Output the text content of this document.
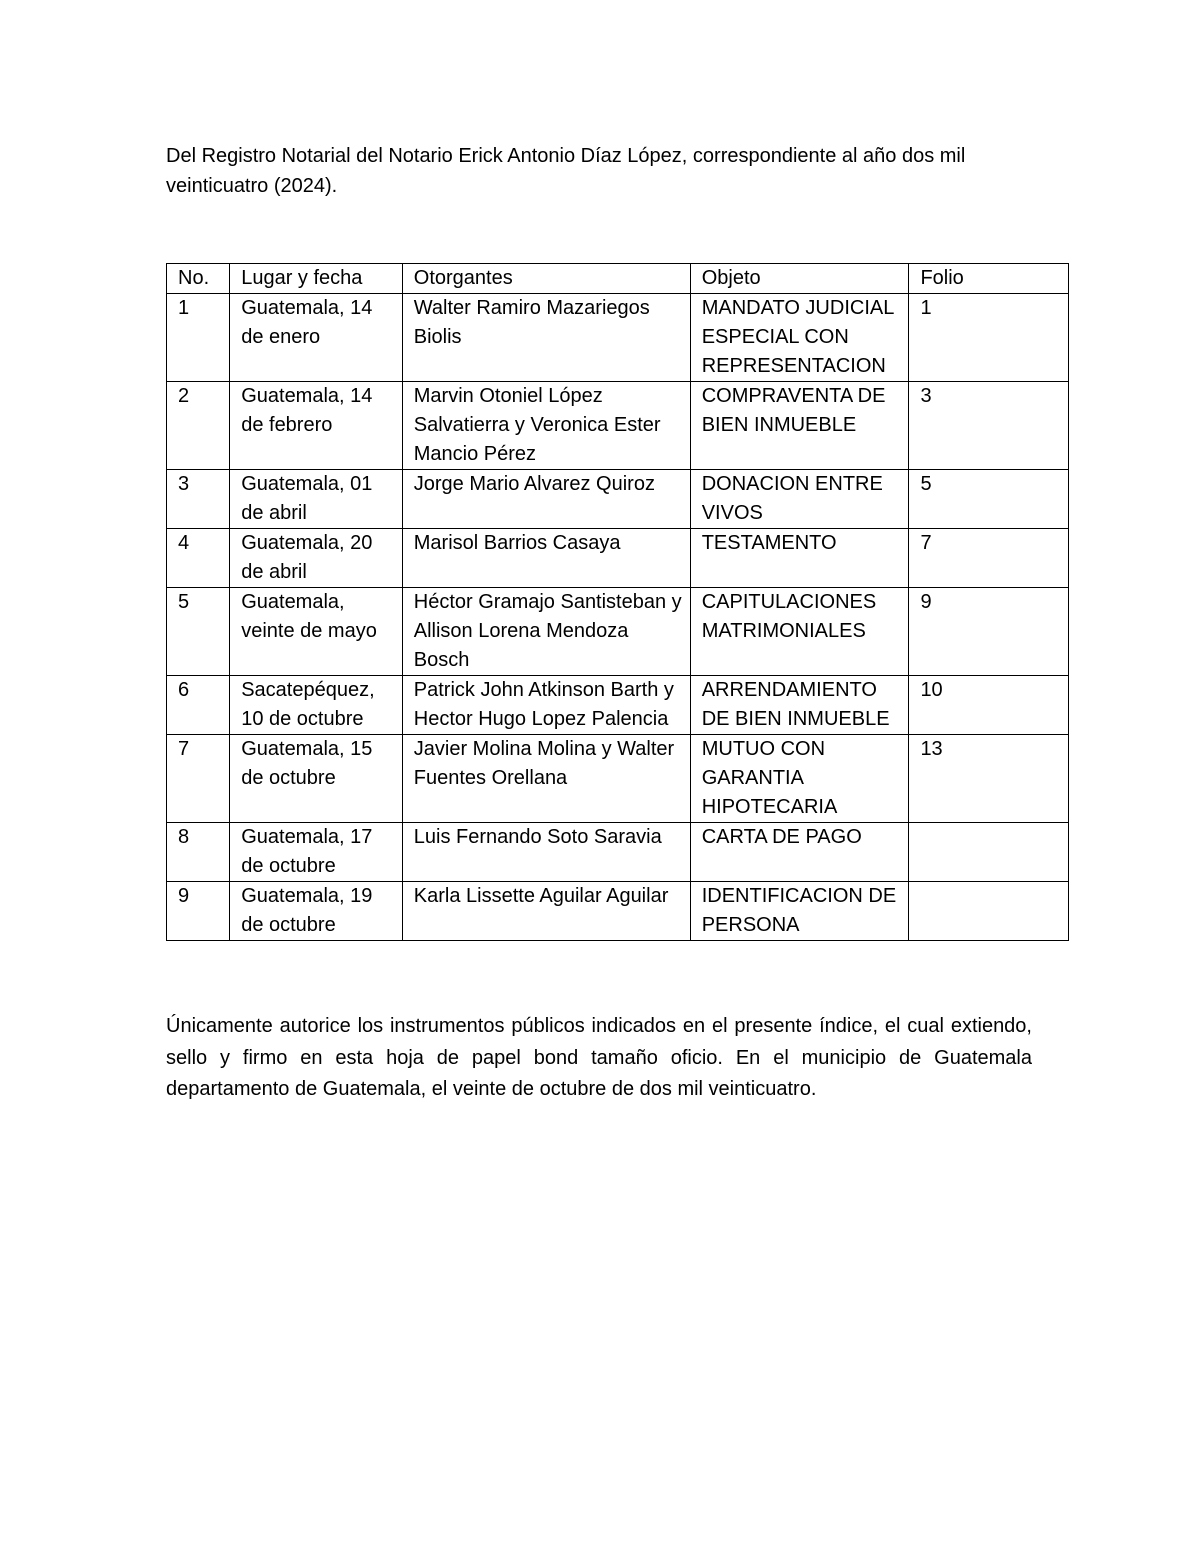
Del Registro Notarial del Notario Erick Antonio Díaz López, correspondiente al año dos mil veinticuatro (2024).

No.	Lugar y fecha	Otorgantes	Objeto	Folio
1	Guatemala, 14 de enero	Walter Ramiro Mazariegos Biolis	MANDATO JUDICIAL ESPECIAL CON REPRESENTACION	1
2	Guatemala, 14 de febrero	Marvin Otoniel López Salvatierra y Veronica Ester Mancio Pérez	COMPRAVENTA DE BIEN INMUEBLE	3
3	Guatemala, 01 de abril	Jorge Mario Alvarez Quiroz	DONACION ENTRE VIVOS	5
4	Guatemala, 20 de abril	Marisol Barrios Casaya	TESTAMENTO	7
5	Guatemala, veinte de mayo	Héctor Gramajo Santisteban y Allison Lorena Mendoza Bosch	CAPITULACIONES MATRIMONIALES	9
6	Sacatepéquez, 10 de octubre	Patrick John Atkinson Barth y Hector Hugo Lopez Palencia	ARRENDAMIENTO DE BIEN INMUEBLE	10
7	Guatemala, 15 de octubre	Javier Molina Molina y Walter Fuentes Orellana	MUTUO CON GARANTIA HIPOTECARIA	13
8	Guatemala, 17 de octubre	Luis Fernando Soto Saravia	CARTA DE PAGO	
9	Guatemala, 19 de octubre	Karla Lissette Aguilar Aguilar	IDENTIFICACION DE PERSONA	

Únicamente autorice los instrumentos públicos indicados en el presente índice, el cual extiendo, sello y firmo en esta hoja de papel bond tamaño oficio. En el municipio de Guatemala departamento de Guatemala, el veinte de octubre de dos mil veinticuatro.
